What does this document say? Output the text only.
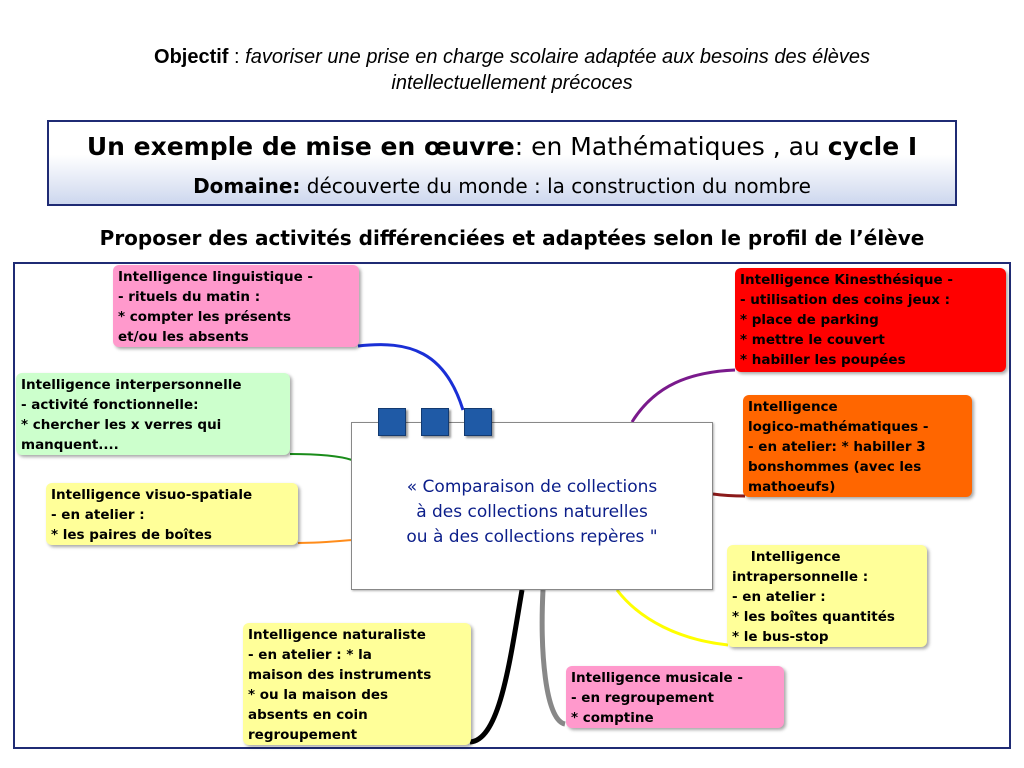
Objectif : favoriser une prise en charge scolaire adaptée aux besoins des élèves
intellectuellement précoces
Un exemple de mise en œuvre: en Mathématiques , au cycle I
Domaine: découverte du monde : la construction du nombre
Proposer des activités différenciées et adaptées selon le profil de l’élève
Intelligence linguistique -
- rituels du matin :
* compter les présents
et/ou les absents
Intelligence interpersonnelle
- activité fonctionnelle:
* chercher les x verres qui
manquent....
Intelligence visuo-spatiale
- en atelier :
* les paires de boîtes
Intelligence naturaliste
- en atelier : * la
maison des instruments
* ou la maison des
absents en coin
regroupement
Intelligence Kinesthésique -
- utilisation des coins jeux :
* place de parking
* mettre le couvert
* habiller les poupées
Intelligence
logico-mathématiques -
- en atelier: * habiller 3
bonshommes (avec les
mathoeufs)
Intelligence
intrapersonnelle :
- en atelier :
* les boîtes quantités
* le bus-stop
Intelligence musicale -
- en regroupement
* comptine
« Comparaison de collections
à des collections naturelles
ou à des collections repères "
